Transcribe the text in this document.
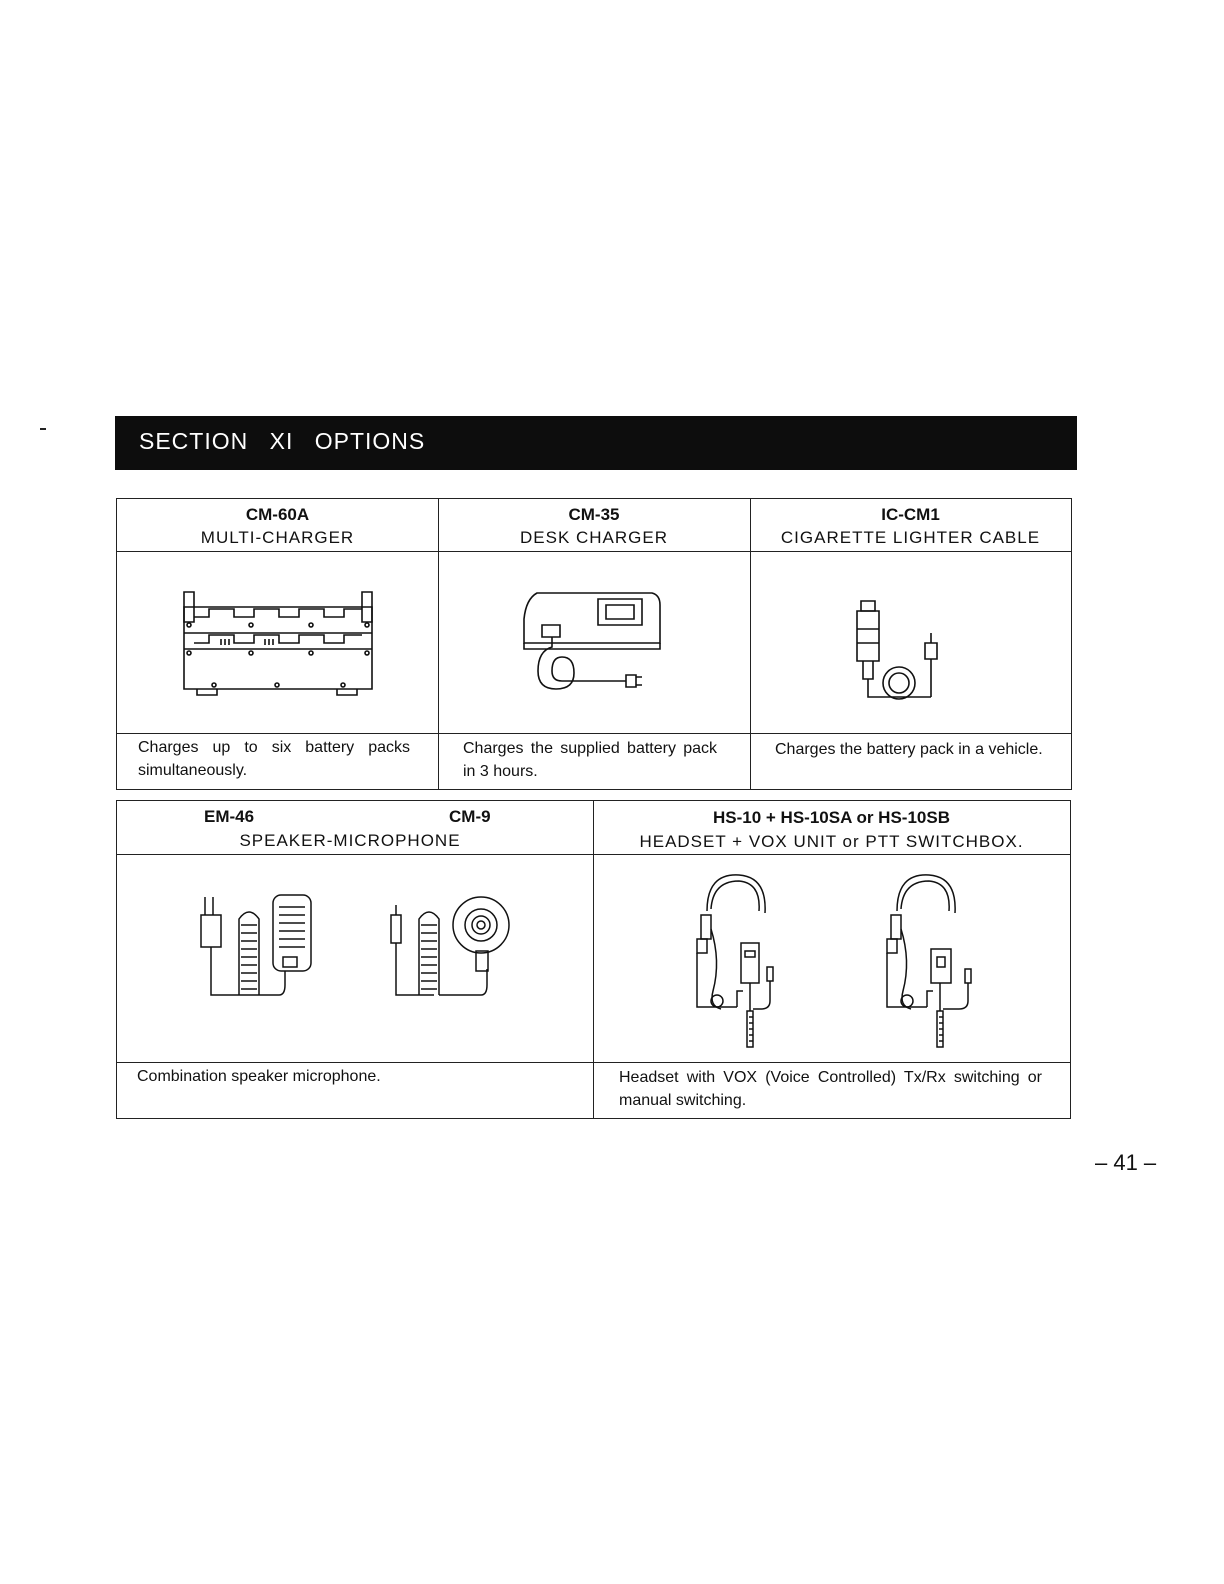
SECTION XI OPTIONS
CM-60A
MULTI-CHARGER
Charges up to six battery packs simultaneously.
CM-35
DESK CHARGER
Charges the supplied battery pack in 3 hours.
IC-CM1
CIGARETTE LIGHTER CABLE
Charges the battery pack in a vehicle.
EM-46	CM-9
SPEAKER-MICROPHONE
Combination speaker microphone.
HS-10 + HS-10SA or HS-10SB
HEADSET + VOX UNIT or PTT SWITCHBOX.
Headset with VOX (Voice Controlled) Tx/Rx switching or manual switching.
– 41 –
